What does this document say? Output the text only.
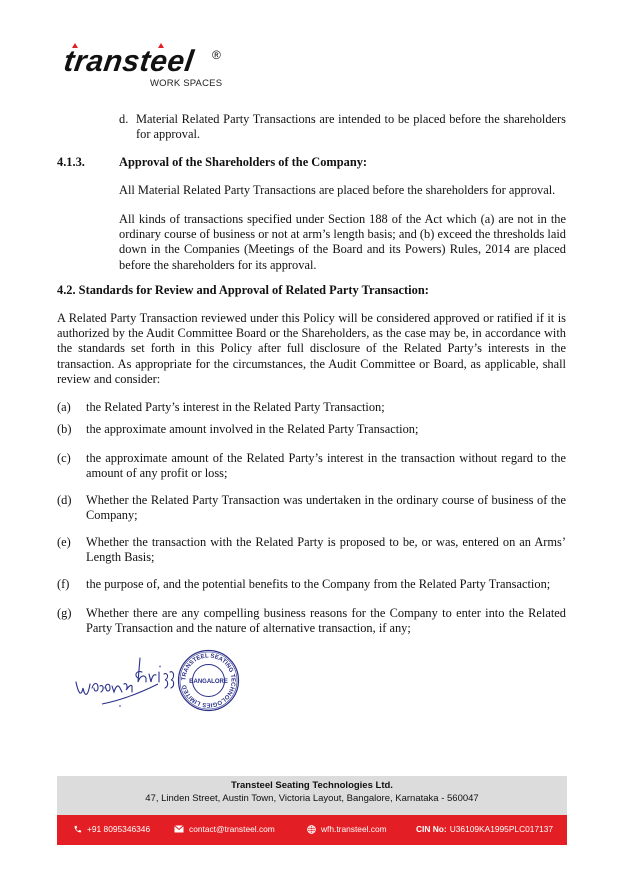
transteel ®
WORK SPACES
d. Material Related Party Transactions are intended to be placed before the shareholders for approval.

4.1.3.	Approval of the Shareholders of the Company:

All Material Related Party Transactions are placed before the shareholders for approval.

All kinds of transactions specified under Section 188 of the Act which (a) are not in the ordinary course of business or not at arm’s length basis; and (b) exceed the thresholds laid down in the Companies (Meetings of the Board and its Powers) Rules, 2014 are placed before the shareholders for its approval.

4.2. Standards for Review and Approval of Related Party Transaction:

A Related Party Transaction reviewed under this Policy will be considered approved or ratified if it is authorized by the Audit Committee Board or the Shareholders, as the case may be, in accordance with the standards set forth in this Policy after full disclosure of the Related Party’s interests in the transaction. As appropriate for the circumstances, the Audit Committee or Board, as applicable, shall review and consider:

(a) the Related Party’s interest in the Related Party Transaction;

(b) the approximate amount involved in the Related Party Transaction;

(c) the approximate amount of the Related Party’s interest in the transaction without regard to the amount of any profit or loss;

(d) Whether the Related Party Transaction was undertaken in the ordinary course of business of the Company;

(e) Whether the transaction with the Related Party is proposed to be, or was, entered on an Arms’ Length Basis;

(f) the purpose of, and the potential benefits to the Company from the Related Party Transaction;

(g) Whether there are any compelling business reasons for the Company to enter into the Related Party Transaction and the nature of alternative transaction, if any;

TRANSTEEL SEATING TECHNOLOGIES LIMITED
BANGALORE
Transteel Seating Technologies Ltd.
47, Linden Street, Austin Town, Victoria Layout, Bangalore, Karnataka - 560047
+91 8095346346	contact@transteel.com	wfh.transteel.com	CIN No: U36109KA1995PLC017137
